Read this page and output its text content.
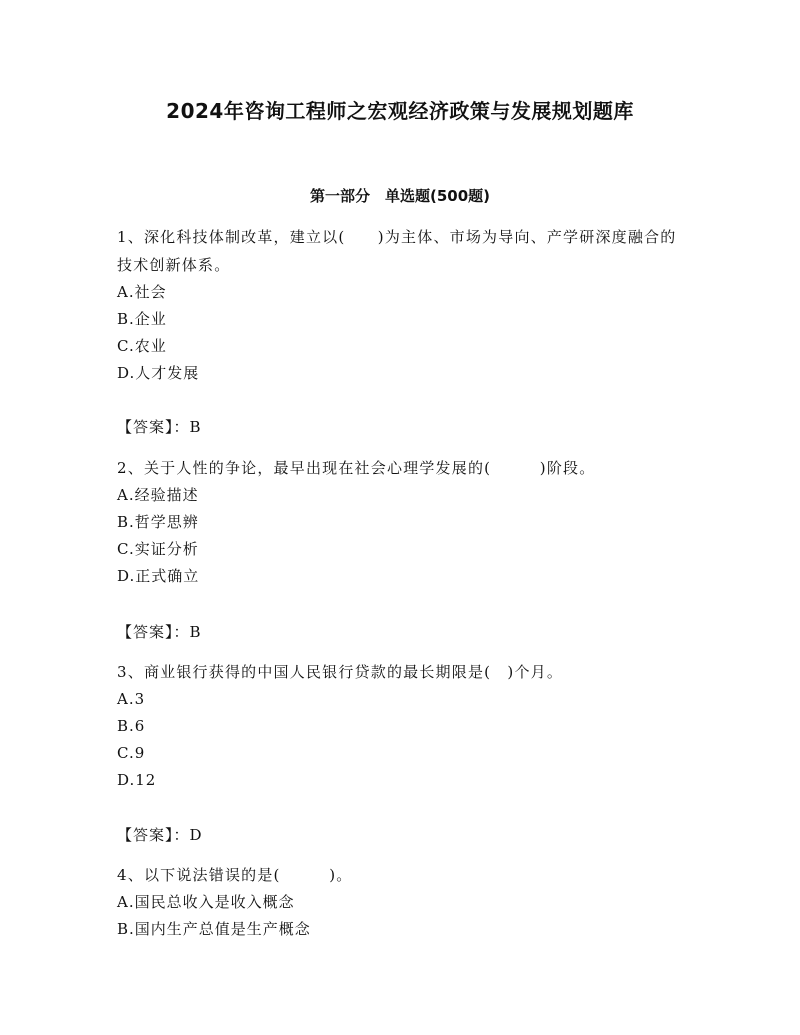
2024年咨询工程师之宏观经济政策与发展规划题库
第一部分　单选题(500题)
1、深化科技体制改革，建立以(　　)为主体、市场为导向、产学研深度融合的技术创新体系。
A.社会
B.企业
C.农业
D.人才发展
【答案】：B
2、关于人性的争论，最早出现在社会心理学发展的(　　　)阶段。
A.经验描述
B.哲学思辨
C.实证分析
D.正式确立
【答案】：B
3、商业银行获得的中国人民银行贷款的最长期限是(　)个月。
A.3
B.6
C.9
D.12
【答案】：D
4、以下说法错误的是(　　　)。
A.国民总收入是收入概念
B.国内生产总值是生产概念
